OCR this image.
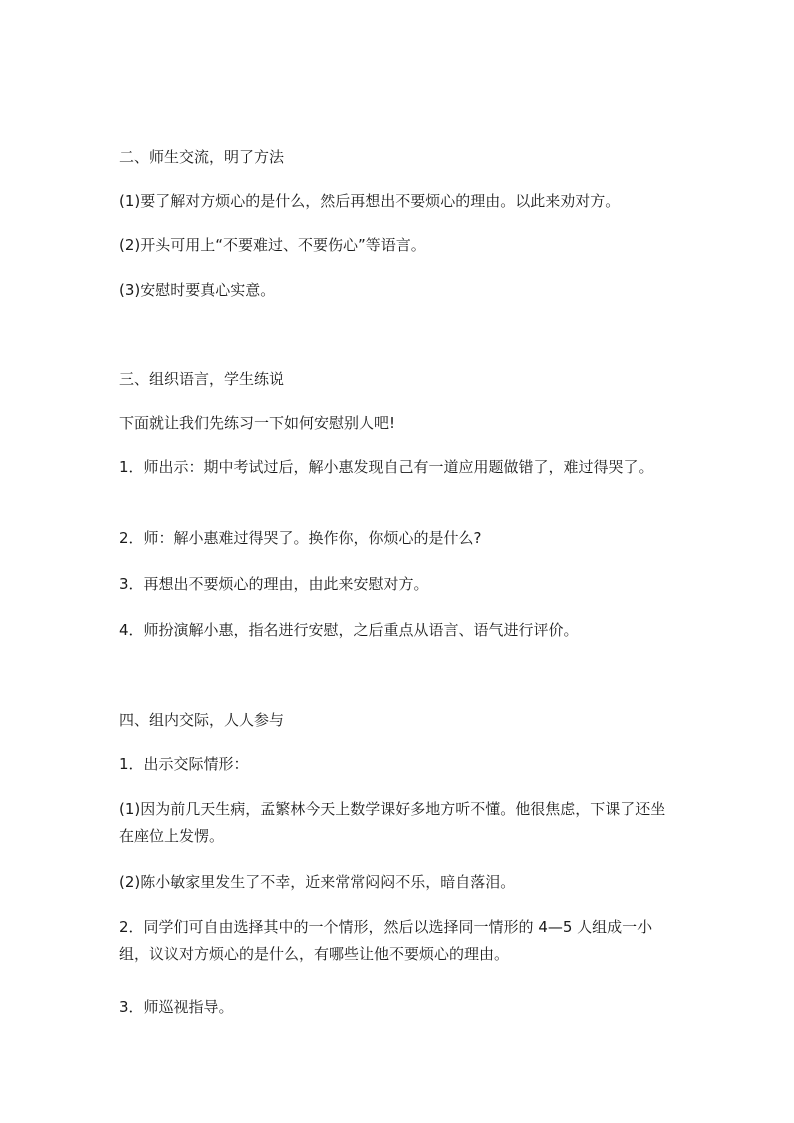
二、师生交流，明了方法
(1)要了解对方烦心的是什么，然后再想出不要烦心的理由。以此来劝对方。
(2)开头可用上“不要难过、不要伤心”等语言。
(3)安慰时要真心实意。
三、组织语言，学生练说
下面就让我们先练习一下如何安慰别人吧!
1．师出示：期中考试过后，解小惠发现自己有一道应用题做错了，难过得哭了。
2．师：解小惠难过得哭了。换作你，你烦心的是什么?
3．再想出不要烦心的理由，由此来安慰对方。
4．师扮演解小惠，指名进行安慰，之后重点从语言、语气进行评价。
四、组内交际，人人参与
1．出示交际情形：
(1)因为前几天生病，孟繁林今天上数学课好多地方听不懂。他很焦虑，下课了还坐在座位上发愣。
(2)陈小敏家里发生了不幸，近来常常闷闷不乐，暗自落泪。
2．同学们可自由选择其中的一个情形，然后以选择同一情形的 4—5 人组成一小组，议议对方烦心的是什么，有哪些让他不要烦心的理由。
3．师巡视指导。
